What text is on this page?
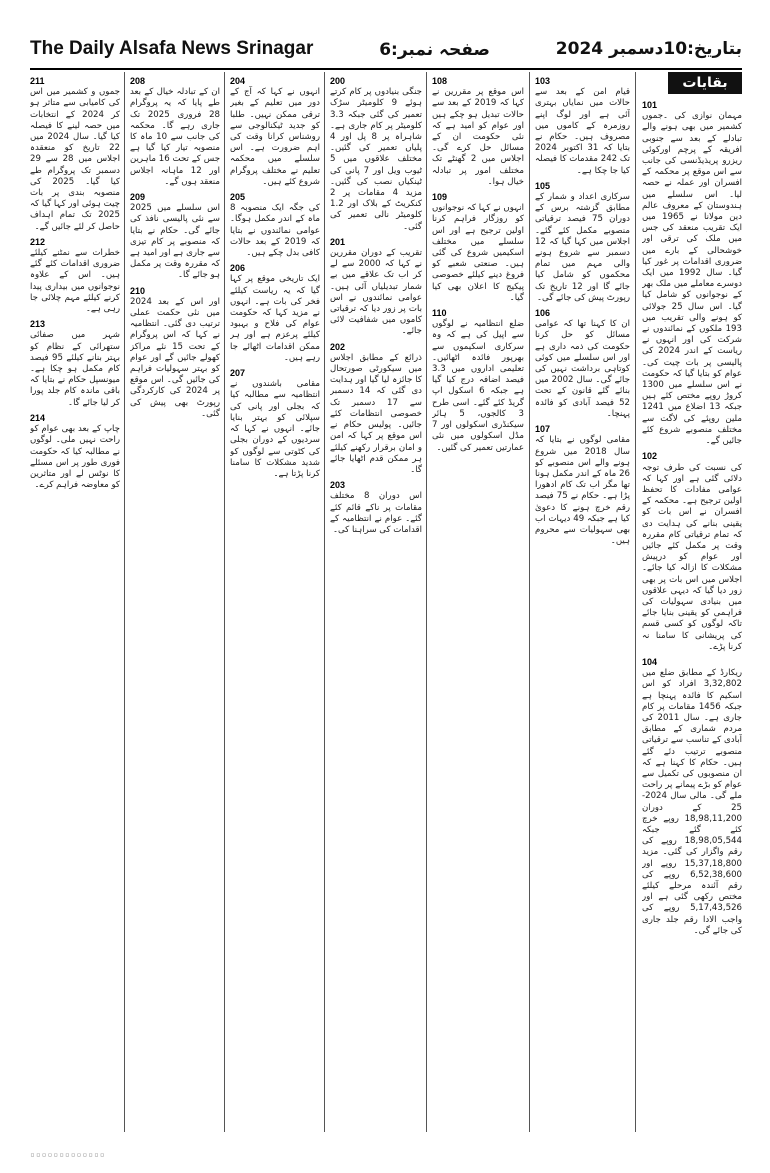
The Daily Alsafa News Srinagar	صفحہ نمبر:6	بتاریخ:10دسمبر 2024
بقایات
101
مہمان نوازی کی ۔جموں کشمیر میں بھی ہونے والے تبادلے کے بعد سے جنوبی افریقہ کے پرچم اورکوئی ریزرو پریذیڈنسی کی جانب سے اس موقع پر محکمہ کے افسران اور عملہ نے حصہ لیا۔ اس سلسلے میں ہندوستان کے معروف عالم دین مولانا نے 1965 میں ایک تقریب منعقد کی جس میں ملک کی ترقی اور خوشحالی کے بارے میں ضروری اقدامات پر غور کیا گیا۔ سال 1992 میں ایک دوسرے معاملے میں ملک بھر کے نوجوانوں کو شامل کیا گیا۔ اس سال 25 جولائی کو ہونے والی تقریب میں 193 ملکوں کے نمائندوں نے شرکت کی اور انہوں نے ریاست کے اندر 2024 کی پالیسی پر بات چیت کی۔ عوام کو بتایا گیا کہ حکومت نے اس سلسلے میں 1300 کروڑ روپے مختص کئے ہیں جبکہ 13 اضلاع میں 1241 ملین روپئے کی لاگت سے مختلف منصوبے شروع کئے جائیں گے۔
102
کی نسبت کی طرف توجہ دلائی گئی ہے اور کہا کہ عوامی مفادات کا تحفظ اولین ترجیح ہے۔ محکمہ کے افسران نے اس بات کو یقینی بنانے کی ہدایت دی کہ تمام ترقیاتی کام مقررہ وقت پر مکمل کئے جائیں اور عوام کو درپیش مشکلات کا ازالہ کیا جائے۔ اجلاس میں اس بات پر بھی زور دیا گیا کہ دیہی علاقوں میں بنیادی سہولیات کی فراہمی کو یقینی بنایا جائے تاکہ لوگوں کو کسی قسم کی پریشانی کا سامنا نہ کرنا پڑے۔
104
ریکارڈ کے مطابق ضلع میں 3,32,802 افراد کو اس اسکیم کا فائدہ پہنچا ہے جبکہ 1456 مقامات پر کام جاری ہے۔ سال 2011 کی مردم شماری کے مطابق آبادی کے تناسب سے ترقیاتی منصوبے ترتیب دئے گئے ہیں۔ حکام کا کہنا ہے کہ ان منصوبوں کی تکمیل سے عوام کو بڑے پیمانے پر راحت ملے گی۔ مالی سال 2024-25 کے دوران 18,98,11,200 روپے خرچ کئے گئے جبکہ 18,98,05,544 روپے کی رقم واگزار کی گئی۔ مزید 15,37,18,800 روپے اور 6,52,38,600 روپے کی رقم آئندہ مرحلے کیلئے مختص رکھی گئی ہے اور 5,17,43,526 روپے کی واجب الادا رقم جلد جاری کی جائے گی۔
103
قیام امن کے بعد سے حالات میں نمایاں بہتری آئی ہے اور لوگ اپنے روزمرہ کے کاموں میں مصروف ہیں۔ حکام نے بتایا کہ 31 اکتوبر 2024 تک 242 مقدمات کا فیصلہ کیا جا چکا ہے۔
105
سرکاری اعداد و شمار کے مطابق گزشتہ برس کے دوران 75 فیصد ترقیاتی منصوبے مکمل کئے گئے۔ اجلاس میں کہا گیا کہ 12 دسمبر سے شروع ہونے والی مہم میں تمام محکموں کو شامل کیا جائے گا اور 12 تاریخ تک رپورٹ پیش کی جائے گی۔
106
ان کا کہنا تھا کہ عوامی مسائل کو حل کرنا حکومت کی ذمہ داری ہے اور اس سلسلے میں کوئی کوتاہی برداشت نہیں کی جائے گی۔ سال 2002 میں بنائے گئے قانون کے تحت 52 فیصد آبادی کو فائدہ پہنچا۔
107
مقامی لوگوں نے بتایا کہ سال 2018 میں شروع ہونے والے اس منصوبے کو 26 ماہ کے اندر مکمل ہونا تھا مگر اب تک کام ادھورا پڑا ہے۔ حکام نے 75 فیصد رقم خرچ ہونے کا دعویٰ کیا ہے جبکہ 49 دیہات اب بھی سہولیات سے محروم ہیں۔
108
اس موقع پر مقررین نے کہا کہ 2019 کے بعد سے حالات تبدیل ہو چکے ہیں اور عوام کو امید ہے کہ نئی حکومت ان کے مسائل حل کرے گی۔ اجلاس میں 2 گھنٹے تک مختلف امور پر تبادلہ خیال ہوا۔
109
انہوں نے کہا کہ نوجوانوں کو روزگار فراہم کرنا اولین ترجیح ہے اور اس سلسلے میں مختلف اسکیمیں شروع کی گئی ہیں۔ صنعتی شعبے کو فروغ دینے کیلئے خصوصی پیکیج کا اعلان بھی کیا گیا۔
110
ضلع انتظامیہ نے لوگوں سے اپیل کی ہے کہ وہ سرکاری اسکیموں سے بھرپور فائدہ اٹھائیں۔ تعلیمی اداروں میں 3.3 فیصد اضافہ درج کیا گیا ہے جبکہ 6 اسکول اپ گریڈ کئے گئے۔ اسی طرح 3 کالجوں، 5 ہائر سیکنڈری اسکولوں اور 7 مڈل اسکولوں میں نئی عمارتیں تعمیر کی گئیں۔
200
جنگی بنیادوں پر کام کرتے ہوئے 9 کلومیٹر سڑک تعمیر کی گئی جبکہ 3.3 کلومیٹر پر کام جاری ہے۔ شاہراہ پر 8 پل اور 4 پلیاں تعمیر کی گئیں۔ مختلف علاقوں میں 5 ٹیوب ویل اور 7 پانی کی ٹینکیاں نصب کی گئیں۔ مزید 4 مقامات پر 2 کنکریٹ کے بلاک اور 1.2 کلومیٹر نالی تعمیر کی گئی۔
201
تقریب کے دوران مقررین نے کہا کہ 2000 سے لے کر اب تک علاقے میں بے شمار تبدیلیاں آئی ہیں۔ عوامی نمائندوں نے اس بات پر زور دیا کہ ترقیاتی کاموں میں شفافیت لائی جائے۔
202
ذرائع کے مطابق اجلاس میں سیکورٹی صورتحال کا جائزہ لیا گیا اور ہدایت دی گئی کہ 14 دسمبر سے 17 دسمبر تک خصوصی انتظامات کئے جائیں۔ پولیس حکام نے اس موقع پر کہا کہ امن و امان برقرار رکھنے کیلئے ہر ممکن قدم اٹھایا جائے گا۔
203
اس دوران 8 مختلف مقامات پر ناکے قائم کئے گئے۔ عوام نے انتظامیہ کے اقدامات کی سراہنا کی۔
204
انہوں نے کہا کہ آج کے دور میں تعلیم کے بغیر ترقی ممکن نہیں۔ طلبا کو جدید ٹیکنالوجی سے روشناس کرانا وقت کی اہم ضرورت ہے۔ اس سلسلے میں محکمہ تعلیم نے مختلف پروگرام شروع کئے ہیں۔
205
کی جگہ ایک منصوبہ 8 ماہ کے اندر مکمل ہوگا۔ عوامی نمائندوں نے بتایا کہ 2019 کے بعد حالات کافی بدل چکے ہیں۔
206
ایک تاریخی موقع پر کہا گیا کہ یہ ریاست کیلئے فخر کی بات ہے۔ انہوں نے مزید کہا کہ حکومت عوام کی فلاح و بہبود کیلئے پرعزم ہے اور ہر ممکن اقدامات اٹھائے جا رہے ہیں۔
207
مقامی باشندوں نے انتظامیہ سے مطالبہ کیا کہ بجلی اور پانی کی سپلائی کو بہتر بنایا جائے۔ انہوں نے کہا کہ سردیوں کے دوران بجلی کی کٹوتی سے لوگوں کو شدید مشکلات کا سامنا کرنا پڑتا ہے۔
208
ان کے تبادلہ خیال کے بعد طے پایا کہ یہ پروگرام 28 فروری 2025 تک جاری رہے گا۔ محکمہ کی جانب سے 10 ماہ کا منصوبہ تیار کیا گیا ہے جس کے تحت 16 ماہرین اور 12 ماہانہ اجلاس منعقد ہوں گے۔
209
اس سلسلے میں 2025 سے نئی پالیسی نافذ کی جائے گی۔ حکام نے بتایا کہ منصوبے پر کام تیزی سے جاری ہے اور امید ہے کہ مقررہ وقت پر مکمل ہو جائے گا۔
210
اور اس کے بعد 2024 میں نئی حکمت عملی ترتیب دی گئی۔ انتظامیہ نے کہا کہ اس پروگرام کے تحت 15 نئے مراکز کھولے جائیں گے اور عوام کو بہتر سہولیات فراہم کی جائیں گی۔ اس موقع پر 2024 کی کارکردگی رپورٹ بھی پیش کی گئی۔
211
جموں و کشمیر میں اس کی کامیابی سے متاثر ہو کر 2024 کے انتخابات میں حصہ لینے کا فیصلہ کیا گیا۔ سال 2024 میں 22 تاریخ کو منعقدہ اجلاس میں 28 سے 29 دسمبر تک پروگرام طے کیا گیا۔ 2025 کی منصوبہ بندی پر بات چیت ہوئی اور کہا گیا کہ 2025 تک تمام اہداف حاصل کر لئے جائیں گے۔
212
خطرات سے نمٹنے کیلئے ضروری اقدامات کئے گئے ہیں۔ اس کے علاوہ نوجوانوں میں بیداری پیدا کرنے کیلئے مہم چلائی جا رہی ہے۔
213
شہر میں صفائی ستھرائی کے نظام کو بہتر بنانے کیلئے 95 فیصد کام مکمل ہو چکا ہے۔ میونسپل حکام نے بتایا کہ باقی ماندہ کام جلد پورا کر لیا جائے گا۔
214
چاپ کے بعد بھی عوام کو راحت نہیں ملی۔ لوگوں نے مطالبہ کیا کہ حکومت فوری طور پر اس مسئلے کا نوٹس لے اور متاثرین کو معاوضہ فراہم کرے۔
▫▫▫▫▫▫▫▫▫▫▫▫▫
